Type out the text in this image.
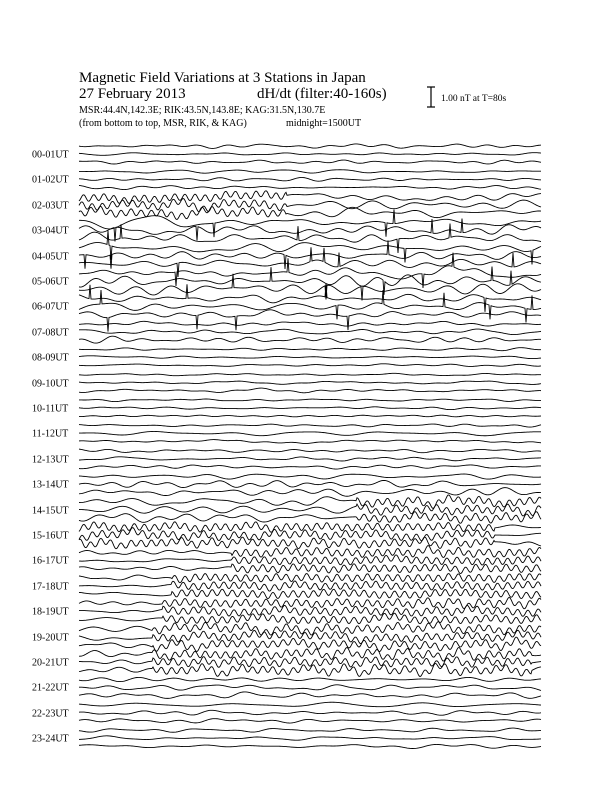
Magnetic Field Variations at 3 Stations in Japan
27 February 2013	dH/dt (filter:40-160s)
MSR:44.4N,142.3E; RIK:43.5N,143.8E; KAG:31.5N,130.7E
(from bottom to top, MSR, RIK, & KAG)	midnight=1500UT
1.00 nT at T=80s
00-01UT
01-02UT
02-03UT
03-04UT
04-05UT
05-06UT
06-07UT
07-08UT
08-09UT
09-10UT
10-11UT
11-12UT
12-13UT
13-14UT
14-15UT
15-16UT
16-17UT
17-18UT
18-19UT
19-20UT
20-21UT
21-22UT
22-23UT
23-24UT
